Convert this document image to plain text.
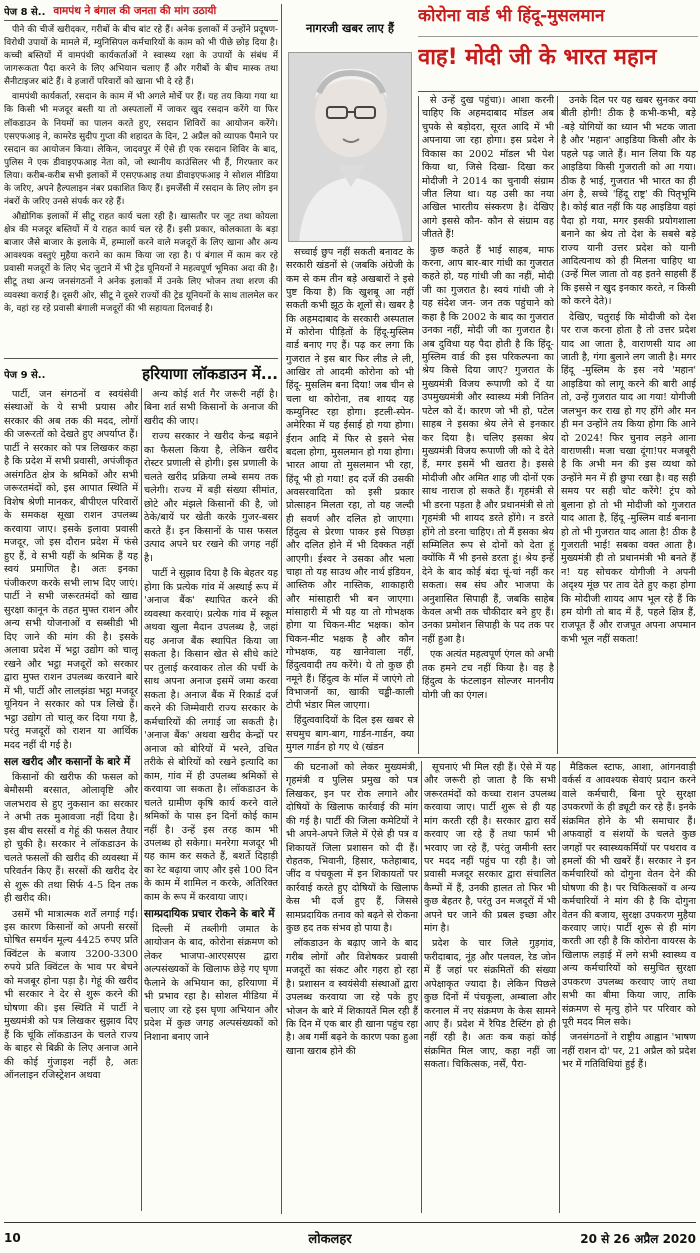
पेज 8 से.. वामपंथ ने बंगाल की जनता की मांग उठायी

पीने की चीजें खरीदकर, गरीबों के बीच बांट रहे हैं। अनेक इलाकों में उन्होंने प्रदूषण-विरोधी उपायों के मामले में, म्युनिसिपल कर्मचारियों के काम को भी पीछे छोड़ दिया है। कच्ची बस्तियों में वामपंथी कार्यकर्ताओं ने स्वास्थ्य रक्षा के उपायों के संबंध में जागरूकता पैदा करने के लिए अभियान चलाए हैं और गरीबों के बीच मास्क तथा सैनीटाइजर बांटे हैं। वे हजारों परिवारों को खाना भी दे रहे हैं।

वामपंथी कार्यकर्ता, रसदान के काम में भी अगले मोर्चे पर हैं। यह तय किया गया था कि किसी भी मजदूर बस्ती या तो अस्पतालों में जाकर खुद रसदान करेंगे या फिर लॉकडाउन के नियमों का पालन करते हुए, रसदान शिविरों का आयोजन करेंगे। एसएफआइ ने, कामरेड सुदीप गुप्ता की शहादत के दिन, 2 अप्रैल को व्यापक पैमाने पर रसदान का आयोजन किया। लेकिन, जादवपुर में ऐसे ही एक रसदान शिविर के बाद, पुलिस ने एक डीवाइएफआइ नेता को, जो स्थानीय काउंसिलर भी हैं, गिरफ्तार कर लिया। करीब-करीब सभी इलाकों में एसएफआइ तथा डीवाइएफआइ ने सोशल मीडिया के जरिए, अपने हैल्पलाइन नंबर प्रकाशित किए हैं। इमर्जेंसी में रसदान के लिए लोग इन नंबरों के जरिए उनसे संपर्क कर रहे हैं।

औद्योगिक इलाकों में सीटू राहत कार्य चला रही है। खासतौर पर जूट तथा कोयला क्षेत्र की मजदूर बस्तियों में ये राहत कार्य चल रहे हैं। इसी प्रकार, कोलकाता के बड़ा बाजार जैसे बाजार के इलाके में, हम्मालों करने वाले मजदूरों के लिए खाना और अन्य आवश्यक वस्तुएं मुहैया कराने का काम किया जा रहा है। पं बंगाल में काम कर रहे प्रवासी मजदूरों के लिए भेद जुटाने में भी ट्रेड यूनियनों ने महत्वपूर्ण भूमिका अदा की है। सीटू तथा अन्य जनसंगठनों ने अनेक इलाकों में उनके लिए भोजन तथा शरण की व्यवस्था कराई है। दूसरी ओर, सीटू ने दूसरे राज्यों की ट्रेड यूनियनों के साथ तालमेल कर के, वहां रह रहे प्रवासी बंगाली मजदूरों की भी सहायता दिलवाई है।

पेज 9 से..	हरियाणा लॉकडाउन में...

पार्टी, जन संगठनों व स्वयंसेवी संस्थाओं के ये सभी प्रयास और सरकार की अब तक की मदद, लोगों की जरूरतों को देखते हुए अपर्याप्त हैं। पार्टी ने सरकार को पत्र लिखकर कहा है कि प्रदेश में सभी प्रवासी, अपंजीकृत असंगठित क्षेत्र के श्रमिकों और सभी जरूरतमंदों को, इस आपात स्थिति में विशेष श्रेणी मानकर, बीपीएल परिवारों के समकक्ष सूखा राशन उपलब्ध करवाया जाए। इसके इलावा प्रवासी मजदूर, जो इस दौरान प्रदेश में फंसे हुए हैं, वे सभी यहीं के श्रमिक हैं यह स्वयं प्रमाणित है। अतः इनका पंजीकरण करके सभी लाभ दिए जाएं। पार्टी ने सभी जरूरतमंदों को खाद्य सुरक्षा कानून के तहत मुफ्त राशन और अन्य सभी योजनाओं व सब्सीडी भी दिए जाने की मांग की है। इसके अलावा प्रदेश में भट्ठा उद्योग को चालू रखने और भट्ठा मजदूरों को सरकार द्वारा मुफ्त राशन उपलब्ध करवाने बारे में भी, पार्टी और लालझंडा भट्ठा मजदूर यूनियन ने सरकार को पत्र लिखे हैं। भट्ठा उद्योग तो चालू कर दिया गया है, परंतु मजदूरों को राशन या आर्थिक मदद नहीं दी गई है।

सल खरीद और कसानों के बारे में

किसानों की खरीफ की फसल को बेमौसमी बरसात, ओलावृष्टि और जलभराव से हुए नुकसान का सरकार ने अभी तक मुआवजा नहीं दिया है। इस बीच सरसों व गेहूं की फसल तैयार हो चुकी है। सरकार ने लॉकडाउन के चलते फसलों की खरीद की व्यवस्था में परिवर्तन किए हैं। सरसों की खरीद देर से शुरू की तथा सिर्फ 4-5 दिन तक ही खरीद की।

उसमें भी मात्रात्मक शर्तें लगाई गईं। इस कारण किसानों को अपनी सरसों घोषित समर्थन मूल्य 4425 रुपए प्रति क्विंटल के बजाय 3200-3300 रुपये प्रति क्विंटल के भाव पर बेचने को मजबूर होना पड़ा है। गेहूं की खरीद भी सरकार ने देर से शुरू करने की घोषणा की। इस स्थिति में पार्टी ने मुख्यमंत्री को पत्र लिखकर सुझाव दिए हैं कि चूंकि लॉकडाउन के चलते राज्य के बाहर से बिक्री के लिए अनाज आने की कोई गुंजाइश नहीं है, अतः ऑनलाइन रजिस्ट्रेशन अथवा

अन्य कोई शर्त गैर जरूरी नहीं है। बिना शर्त सभी किसानों के अनाज की खरीद की जाए।

राज्य सरकार ने खरीद केन्द्र बढ़ाने का फैसला किया है, लेकिन खरीद रोस्टर प्रणाली से होगी। इस प्रणाली के चलते खरीद प्रक्रिया लम्बे समय तक चलेगी। राज्य में बड़ी संख्या सीमांत, छोटे और मंझले किसानों की है, जो ठेके/बायें पर खेती करके गुजर-बसर करते हैं। इन किसानों के पास फसल उत्पाद अपने घर रखने की जगह नहीं है।

पार्टी ने सुझाव दिया है कि बेहतर यह होगा कि प्रत्येक गांव में अस्थाई रूप में 'अनाज बैंक' स्थापित करने की व्यवस्था करवाएं। प्रत्येक गांव में स्कूल अथवा खुला मैदान उपलब्ध है, जहां यह अनाज बैंक स्थापित किया जा सकता है। किसान खेत से सीधे कांटे पर तुलाई करवाकर तोल की पर्ची के साथ अपना अनाज इसमें जमा करवा सकता है। अनाज बैंक में रिकार्ड दर्ज करने की जिम्मेवारी राज्य सरकार के कर्मचारियों की लगाई जा सकती है। 'अनाज बैंक' अथवा खरीद केन्द्रों पर अनाज को बोरियों में भरने, उचित तरीके से बोरियों को रखने इत्यादि का काम, गांव में ही उपलब्ध श्रमिकों से करवाया जा सकता है। लॉकडाउन के चलते ग्रामीण कृषि कार्य करने वाले श्रमिकों के पास इन दिनों कोई काम नहीं है। उन्हें इस तरह काम भी उपलब्ध हो सकेगा। मनरेगा मजदूर भी यह काम कर सकते हैं, बशर्ते दिहाड़ी का रेट बढ़ाया जाए और इसे 100 दिन के काम में शामिल न करके, अतिरिक्त काम के रूप में करवाया जाए।

साम्प्रदायिक प्रचार रोकने के बारे में

दिल्ली में तब्लीगी जमात के आयोजन के बाद, कोरोना संक्रमण को लेकर भाजपा-आरएसएस द्वारा अल्पसंख्यकों के खिलाफ छेड़े गए घृणा फैलाने के अभियान का, हरियाणा में भी प्रभाव रहा है। सोशल मीडिया में चलाए जा रहे इस घृणा अभियान और प्रदेश में कुछ जगह अल्पसंख्यकों को निशाना बनाए जाने

नागरजी खबर लाए हैं
कोरोना वार्ड भी हिंदू-मुसलमान
वाह! मोदी जी के भारत महान

सच्चाई छुप नहीं सकती बनावट के सरकारी खंडनों से (जबकि अंग्रेजी के कम से कम तीन बड़े अखबारों ने इसे पुष्ट किया है) कि खुशबू आ नहीं सकती कभी झूठ के शूलों से। खबर है कि अहमदाबाद के सरकारी अस्पताल में कोरोना पीड़ितों के हिंदू-मुस्लिम वार्ड बनाए गए हैं। पढ़ कर लगा कि गुजरात ने इस बार फिर लीड ले ली, आखिर तो आदमी कोरोना को भी हिंदू- मुसलिम बना दिया! जब चीन से चला था कोरोना, तब शायद यह कम्युनिस्ट रहा होगा। इटली-स्पेन-अमेरिका में यह ईसाई हो गया होगा। ईरान आदि में फिर से इसने भेस बदला होगा, मुसलमान हो गया होगा। भारत आया तो मुसलमान भी रहा, हिंदू भी हो गया! हद दर्जे की उसकी अवसरवादिता को इसी प्रकार प्रोत्साहन मिलता रहा, तो यह जल्दी ही सवर्ण और दलित हो जाएगा। हिंदुत्व से प्रेरणा पाकर इसे पिछड़ा और दलित होने में भी दिक्कत नहीं आएगी। ईश्वर ने उसका और भला चाहा तो यह साउथ और नार्थ इंडियन, आस्तिक और नास्तिक, शाकाहारी और मांसाहारी भी बन जाएगा। मांसाहारी में भी यह या तो गोभक्षक होगा या चिकन-मीट भक्षक। कोन चिकन-मीट भक्षक है और कौन गोभक्षक, यह खानेवाला नहीं, हिंदुत्ववादी तय करेंगे। ये तो कुछ ही नमूने हैं। हिंदुत्व के मॉल में जाएंगे तो विभाजनों का, खाकी चड्ढी-काली टोपी भंडार मिल जाएगा।

हिंदुत्ववादियों के दिल इस खबर से सचमुच बाग-बाग, गार्डन-गार्डन, क्या मुगल गार्डन हो गए थे (खंडन

से उन्हें दुख पहुंचा)। आशा करनी चाहिए कि अहमदाबाद मॉडल अब चुपके से बड़ोदरा, सूरत आदि में भी अपनाया जा रहा होगा। इस प्रदेश ने विकास का 2002 मॉडल भी पेश किया था, जिसे दिखा- दिखा कर मोदीजी ने 2014 का चुनावी संग्राम जीत लिया था। यह उसी का नया अखिल भारतीय संस्करण है। देखिए आगे इससे कौन- कौन से संग्राम वह जीतते हैं!

कुछ कहते हैं भाई साहब, माफ करना, आप बार-बार गांधी का गुजरात कहते हो, यह गांधी जी का नहीं, मोदी जी का गुजरात है। स्वयं गांधी जी ने यह संदेश जन- जन तक पहुंचाने को कहा है कि 2002 के बाद का गुजरात उनका नहीं, मोदी जी का गुजरात है। अब दुविधा यह पैदा होती है कि हिंदू- मुस्लिम वार्ड की इस परिकल्पना का श्रेय किसे दिया जाए? गुजरात के मुख्यमंत्री विजय रूपाणी को दें या उपमुख्यमंत्री और स्वास्थ्य मंत्री नितिन पटेल को दें। कारण जो भी हो, पटेल साहब ने इसका श्रेय लेने से इनकार कर दिया है। चलिए इसका श्रेय मुख्यमंत्री विजय रूपाणी जी को दे देते हैं, मगर इसमें भी खतरा है। इससे मोदीजी और अमित शाह जी दोनों एक साथ नाराज हो सकते हैं। गृहमंत्री से भी डरना पड़ता है और प्रधानमंत्री से तो गृहमंत्री भी शायद डरते होंगे। न डरते होंगे तो डरना चाहिए। तो मैं इसका श्रेय सम्मिलित रूप से दोनों को देता हूं क्योंकि मैं भी इनसे डरता हूं। श्रेय इन्हें देने के बाद कोई बंदा चूं-चां नहीं कर सकता। सब संघ और भाजपा के अनुशासित सिपाही हैं, जबकि साहेब केवल अभी तक चौकीदार बने हुए हैं। उनका प्रमोशन सिपाही के पद तक पर नहीं हुआ है।

एक अत्यंत महत्वपूर्ण एंगल को अभी तक हमने टच नहीं किया है। वह है हिंदुत्व के फंटलाइन सोल्जर माननीय योगी जी का एंगल।

उनके दिल पर यह खबर सुनकर क्या बीती होगी! ठीक है कभी-कभी, बड़े -बड़े योगियों का ध्यान भी भटक जाता है और 'महान' आइडिया किसी और के पहले पढ़ जाते हैं। मान लिया कि यह आइडिया किसी गुजराती को आ गया। ठीक है भाई, गुजरात भी भारत का ही अंग है, सच्चे 'हिंदू राष्ट्र' की पितृभूमि है। कोई बात नहीं कि यह आइडिया वहां पैदा हो गया, मगर इसकी प्रयोगशाला बनाने का श्रेय तो देश के सबसे बड़े राज्य यानी उत्तर प्रदेश को यानी आदित्यनाथ को ही मिलना चाहिए था (उन्हें मिल जाता तो वह इतने साहसी हैं कि इससे न खुद इनकार करते, न किसी को करने देते)।

देखिए, चतुराई कि मोदीजी को देश पर राज करना होता है तो उत्तर प्रदेश याद आ जाता है, वाराणसी याद आ जाती है, गंगा बुलाने लग जाती है। मगर हिंदू -मुस्लिम के इस नये 'महान' आइडिया को लागू करने की बारी आई तो, उन्हें गुजरात याद आ गया! योगीजी जलभुन कर राख हो गए होंगे और मन ही मन उन्होंने तय किया होगा कि आने दो 2024! फिर चुनाव लड़ने आना वाराणसी। मजा चखा दूंगा!पर मजबूरी है कि अभी मन की इस व्यथा को उन्होंने मन में ही छुपा रखा है। वह सही समय पर सही चोट करेंगे! ट्रंप को बुलाना हो तो भी मोदीजी को गुजरात याद आता है, हिंदू -मुस्लिम वार्ड बनाना हो तो भी गुजरात याद आता है! ठीक है गुजराती भाई! सबका वक्त आता है। मुख्यमंत्री ही तो प्रधानमंत्री भी बनते हैं न! यह सोचकर योगीजी ने अपनी अदृश्य मूंछ पर ताव देते हुए कहा होगा कि मोदीजी शायद आप भूल रहे हैं कि हम योगी तो बाद में हैं, पहले क्षित्र हैं, राजपूत हैं और राजपूत अपना अपमान कभी भूल नहीं सकता!

की घटनाओं को लेकर मुख्यमंत्री, गृहमंत्री व पुलिस प्रमुख को पत्र लिखकर, इन पर रोक लगाने और दोषियों के खिलाफ कार्रवाई की मांग की गई है। पार्टी की जिला कमेटियों ने भी अपने-अपने जिले में ऐसे ही पत्र व शिकायतें जिला प्रशासन को दी हैं। रोहतक, भिवानी, हिसार, फतेहाबाद, जींद व पंचकूला में इन शिकायतों पर कार्रवाई करते हुए दोषियों के खिलाफ केस भी दर्ज हुए हैं, जिससे सामप्रदायिक तनाव को बढ़ने से रोकना कुछ हद तक संभव हो पाया है।

लॉकडाउन के बढ़ाए जाने के बाद गरीब लोगों और विशेषकर प्रवासी मजदूरों का संकट और गहरा हो रहा है। प्रशासन व स्वयंसेवी संस्थाओं द्वारा उपलब्ध करवाया जा रहे पके हुए भोजन के बारे में शिकायतें मिल रही हैं कि दिन में एक बार ही खाना पहुंच रहा है। अब गर्मी बढ़ने के कारण पका हुआ खाना खराब होने की

सूचनाएं भी मिल रही हैं। ऐसे में यह और जरूरी हो जाता है कि सभी जरूरतमंदों को कच्चा राशन उपलब्ध करवाया जाए। पार्टी शुरू से ही यह मांग करती रही है। सरकार द्वारा सर्वे करवाए जा रहे हैं तथा फार्म भी भरवाए जा रहे हैं, परंतु जमीनी स्तर पर मदद नहीं पहुंच पा रही है। जो प्रवासी मजदूर सरकार द्वारा संचालित कैम्पों में हैं, उनकी हालत तो फिर भी कुछ बेहतर है, परंतु उन मजदूरों में भी अपने घर जाने की प्रबल इच्छा और मांग है।

प्रदेश के चार जिले गुड़गांव, फरीदाबाद, नूंह और पलवल, रेड जोन में हैं जहां पर संक्रमितों की संख्या अपेक्षाकृत ज्यादा है। लेकिन पिछले कुछ दिनों में पंचकूला, अम्बाला और करनाल में नए संक्रमण के केस सामने आए हैं। प्रदेश में रैपिड टैस्टिंग हो ही नहीं रही है। अतः कब कहां कोई संक्रमित मिल जाए, कहा नहीं जा सकता। चिकित्सक, नर्सें, पैरा-

मैडिकल स्टाफ, आशा, आंगनवाड़ी वर्कर्स व आवश्यक सेवाएं प्रदान करने वाले कर्मचारी, बिना पूरे सुरक्षा उपकरणों के ही ड्यूटी कर रहे हैं। इनके संक्रमित होने के भी समाचार हैं। अफवाहों व संशयों के चलते कुछ जगहों पर स्वास्थ्यकर्मियों पर पथराव व हमलों की भी खबरें हैं। सरकार ने इन कर्मचारियों को दोगुना वेतन देने की घोषणा की है। पर चिकित्सकों व अन्य कर्मचारियों ने मांग की है कि दोगुना वेतन की बजाय, सुरक्षा उपकरण मुहैया करवाए जाएं। पार्टी शुरू से ही मांग करती आ रही है कि कोरोना वायरस के खिलाफ लड़ाई में लगे सभी स्वास्थ्य व अन्य कर्मचारियों को समुचित सुरक्षा उपकरण उपलब्ध करवाए जाएं तथा सभी का बीमा किया जाए, ताकि संक्रमण से मृत्यु होने पर परिवार को पूरी मदद मिल सके।

जनसंगठनों ने राष्ट्रीय आह्वान 'भाषण नहीं राशन दो' पर, 21 अप्रैल को प्रदेश भर में गतिविधियां हुई हैं।

10	लोकलहर	20 से 26 अप्रैल 2020
